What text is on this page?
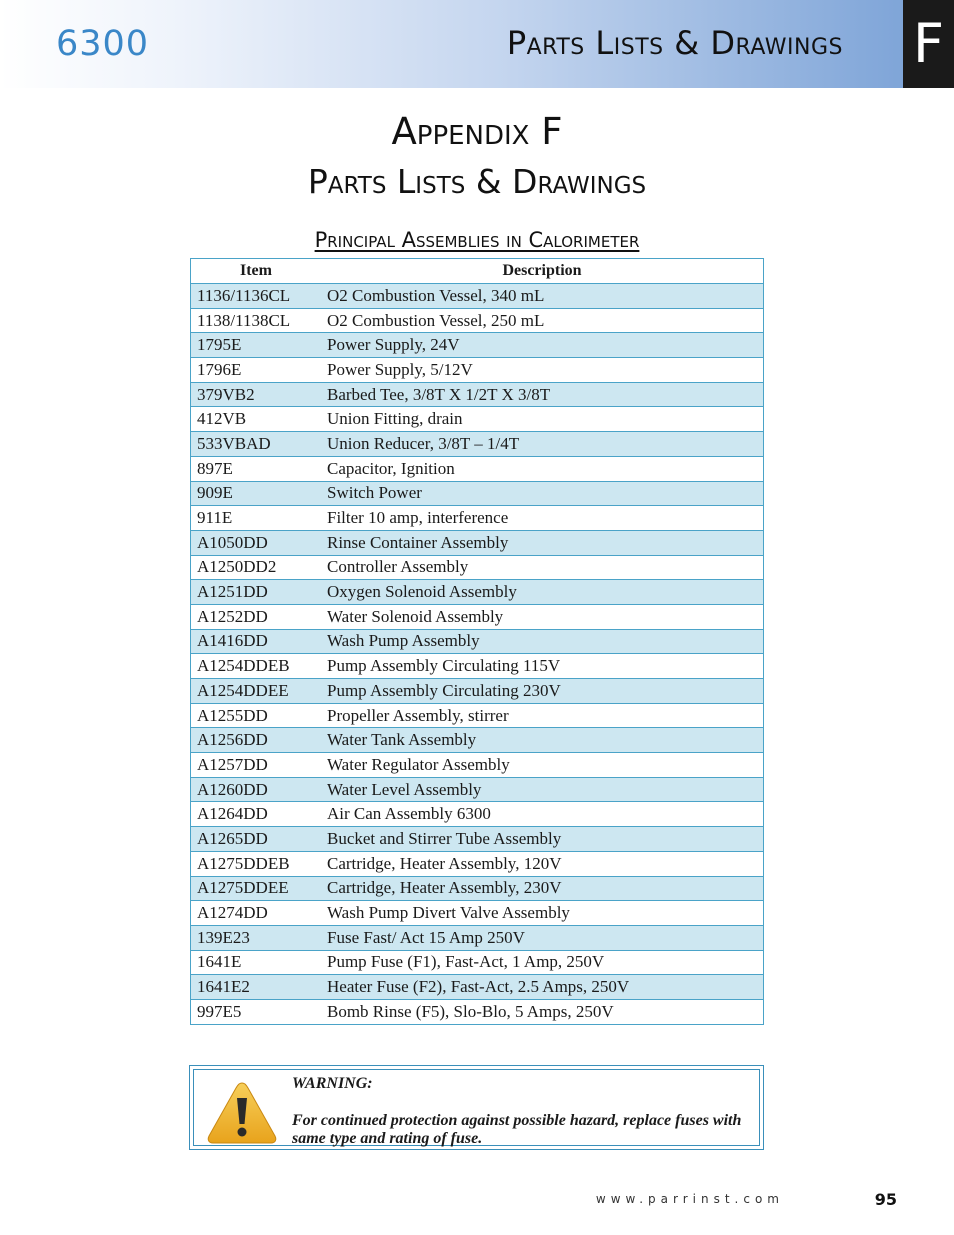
6300	Parts Lists & Drawings F
Appendix F
Parts Lists & Drawings
Principal Assemblies in Calorimeter
Item	Description
1136/1136CL	O2 Combustion Vessel, 340 mL
1138/1138CL	O2 Combustion Vessel, 250 mL
1795E	Power Supply, 24V
1796E	Power Supply, 5/12V
379VB2	Barbed Tee, 3/8T X 1/2T X 3/8T
412VB	Union Fitting, drain
533VBAD	Union Reducer, 3/8T – 1/4T
897E	Capacitor, Ignition
909E	Switch Power
911E	Filter 10 amp, interference
A1050DD	Rinse Container Assembly
A1250DD2	Controller Assembly
A1251DD	Oxygen Solenoid Assembly
A1252DD	Water Solenoid Assembly
A1416DD	Wash Pump Assembly
A1254DDEB	Pump Assembly Circulating 115V
A1254DDEE	Pump Assembly Circulating 230V
A1255DD	Propeller Assembly, stirrer
A1256DD	Water Tank Assembly
A1257DD	Water Regulator Assembly
A1260DD	Water Level Assembly
A1264DD	Air Can Assembly 6300
A1265DD	Bucket and Stirrer Tube Assembly
A1275DDEB	Cartridge, Heater Assembly, 120V
A1275DDEE	Cartridge, Heater Assembly, 230V
A1274DD	Wash Pump Divert Valve Assembly
139E23	Fuse Fast/ Act 15 Amp 250V
1641E	Pump Fuse (F1), Fast-Act, 1 Amp, 250V
1641E2	Heater Fuse (F2), Fast-Act, 2.5 Amps, 250V
997E5	Bomb Rinse (F5), Slo-Blo, 5 Amps, 250V
WARNING:
For continued protection against possible hazard, replace fuses with same type and rating of fuse.
www.parrinst.com	95
